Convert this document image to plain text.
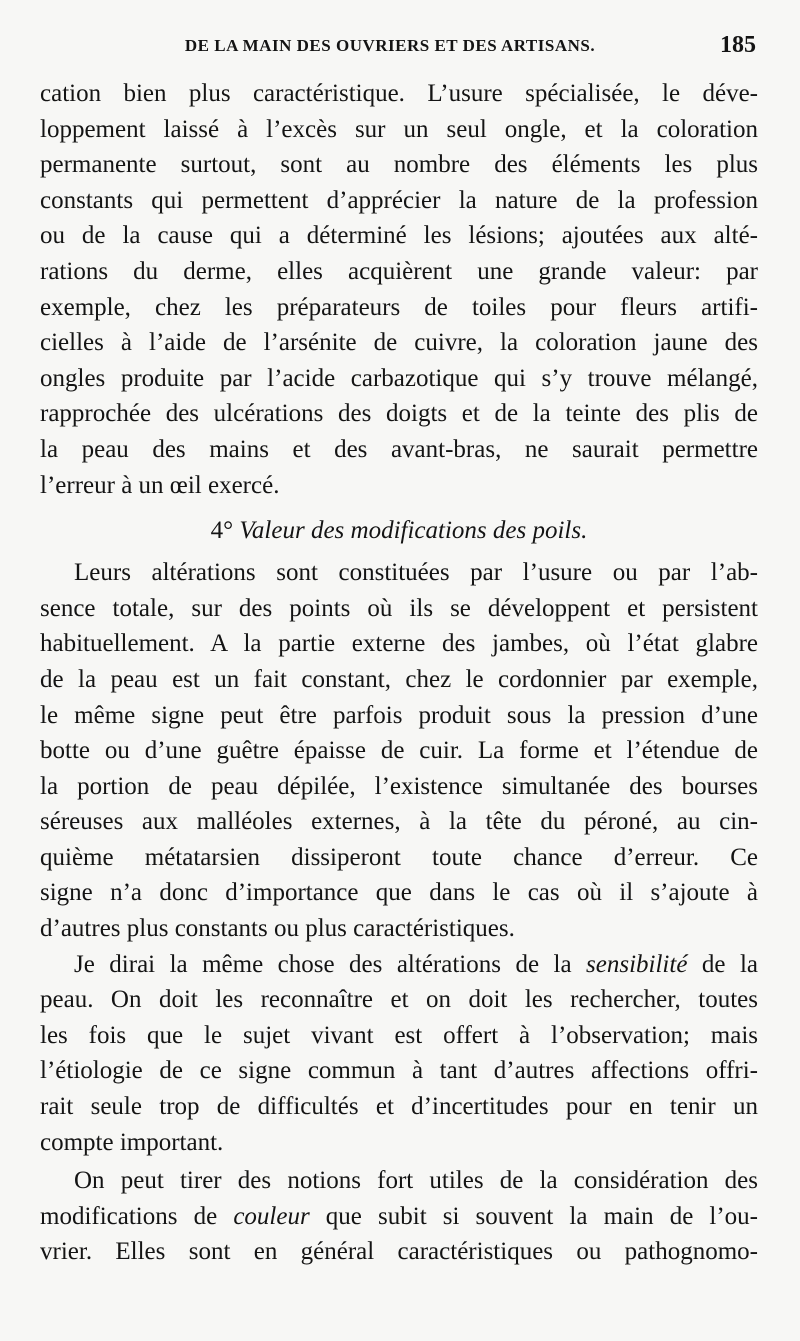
DE LA MAIN DES OUVRIERS ET DES ARTISANS.	185
cation bien plus caractéristique. L’usure spécialisée, le déve-
loppement laissé à l’excès sur un seul ongle, et la coloration
permanente surtout, sont au nombre des éléments les plus
constants qui permettent d’apprécier la nature de la profession
ou de la cause qui a déterminé les lésions; ajoutées aux alté-
rations du derme, elles acquièrent une grande valeur: par
exemple, chez les préparateurs de toiles pour fleurs artifi-
cielles à l’aide de l’arsénite de cuivre, la coloration jaune des
ongles produite par l’acide carbazotique qui s’y trouve mélangé,
rapprochée des ulcérations des doigts et de la teinte des plis de
la peau des mains et des avant-bras, ne saurait permettre
l’erreur à un œil exercé.
4° Valeur des modifications des poils.
Leurs altérations sont constituées par l’usure ou par l’ab-
sence totale, sur des points où ils se développent et persistent
habituellement. A la partie externe des jambes, où l’état glabre
de la peau est un fait constant, chez le cordonnier par exemple,
le même signe peut être parfois produit sous la pression d’une
botte ou d’une guêtre épaisse de cuir. La forme et l’étendue de
la portion de peau dépilée, l’existence simultanée des bourses
séreuses aux malléoles externes, à la tête du péroné, au cin-
quième métatarsien dissiperont toute chance d’erreur. Ce
signe n’a donc d’importance que dans le cas où il s’ajoute à
d’autres plus constants ou plus caractéristiques.
Je dirai la même chose des altérations de la sensibilité de la
peau. On doit les reconnaître et on doit les rechercher, toutes
les fois que le sujet vivant est offert à l’observation; mais
l’étiologie de ce signe commun à tant d’autres affections offri-
rait seule trop de difficultés et d’incertitudes pour en tenir un
compte important.
On peut tirer des notions fort utiles de la considération des
modifications de couleur que subit si souvent la main de l’ou-
vrier. Elles sont en général caractéristiques ou pathognomo-
